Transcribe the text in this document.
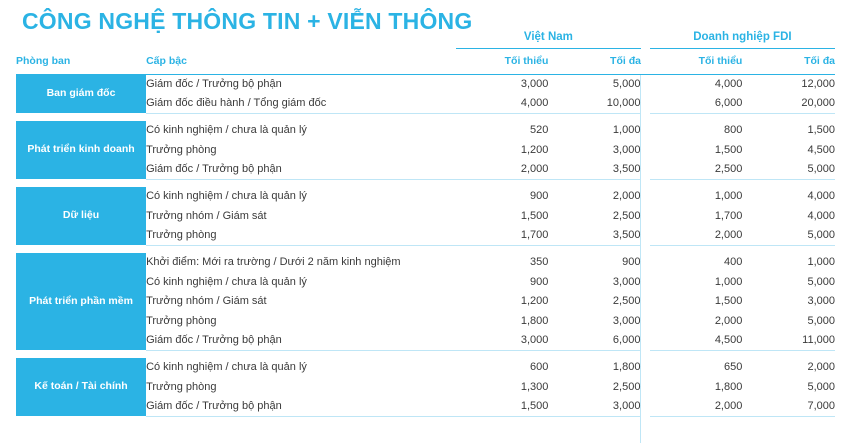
CÔNG NGHỆ THÔNG TIN + VIỄN THÔNG
		Việt Nam			Doanh nghiệp FDI	
Phòng ban	Cấp bậc	Tối thiểu	Tối đa		Tối thiểu	Tối đa
Ban giám đốc	Giám đốc / Trưởng bộ phận	3,000	5,000		4,000	12,000
	Giám đốc điều hành / Tổng giám đốc	4,000	10,000		6,000	20,000

Phát triển kinh doanh	Có kinh nghiệm / chưa là quản lý	520	1,000		800	1,500
	Trưởng phòng	1,200	3,000		1,500	4,500
	Giám đốc / Trưởng bộ phận	2,000	3,500		2,500	5,000

Dữ liệu	Có kinh nghiệm / chưa là quản lý	900	2,000		1,000	4,000
	Trưởng nhóm / Giám sát	1,500	2,500		1,700	4,000
	Trưởng phòng	1,700	3,500		2,000	5,000

Phát triển phần mềm	Khởi điểm: Mới ra trường / Dưới 2 năm kinh nghiệm	350	900		400	1,000
	Có kinh nghiệm / chưa là quản lý	900	3,000		1,000	5,000
	Trưởng nhóm / Giám sát	1,200	2,500		1,500	3,000
	Trưởng phòng	1,800	3,000		2,000	5,000
	Giám đốc / Trưởng bộ phận	3,000	6,000		4,500	11,000

Kế toán / Tài chính	Có kinh nghiệm / chưa là quản lý	600	1,800		650	2,000
	Trưởng phòng	1,300	2,500		1,800	5,000
	Giám đốc / Trưởng bộ phận	1,500	3,000		2,000	7,000
